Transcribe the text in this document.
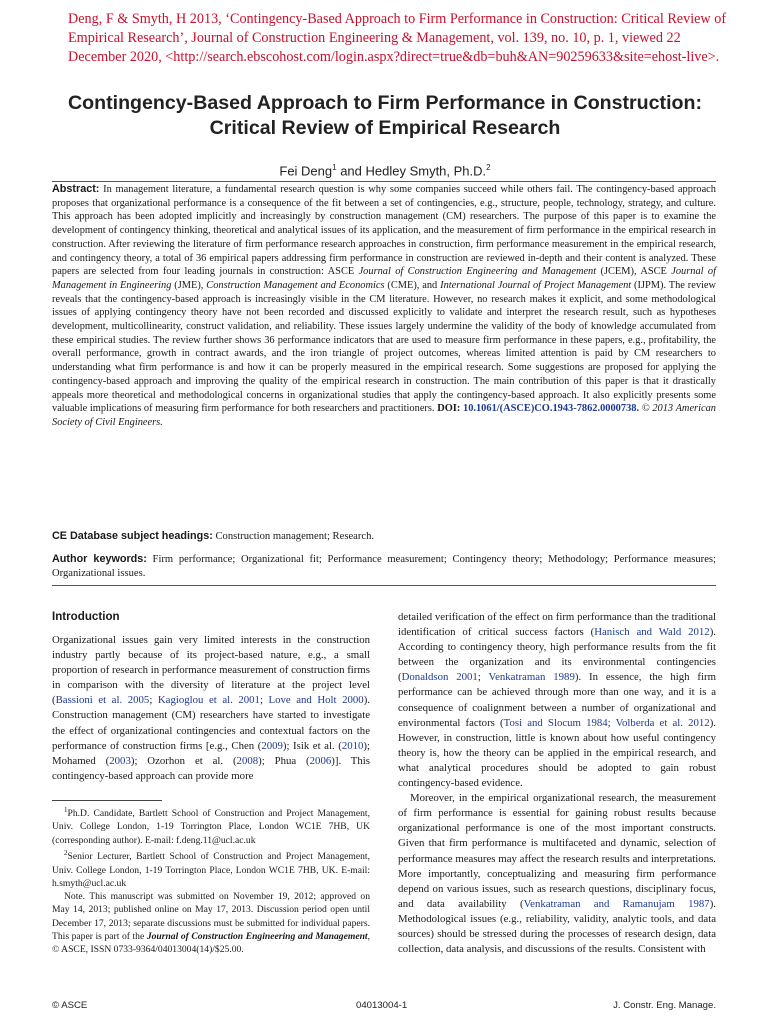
Deng, F & Smyth, H 2013, ‘Contingency-Based Approach to Firm Performance in Construction: Critical Review of Empirical Research’, Journal of Construction Engineering & Management, vol. 139, no. 10, p. 1, viewed 22 December 2020, <http://search.ebscohost.com/login.aspx?direct=true&db=buh&AN=90259633&site=ehost-live>.
Contingency-Based Approach to Firm Performance in Construction: Critical Review of Empirical Research
Fei Deng$^1$ and Hedley Smyth, Ph.D.$^2$
Abstract: In management literature, a fundamental research question is why some companies succeed while others fail. The contingency-based approach proposes that organizational performance is a consequence of the fit between a set of contingencies, e.g., structure, people, technology, strategy, and culture. This approach has been adopted implicitly and increasingly by construction management (CM) researchers. The purpose of this paper is to examine the development of contingency thinking, theoretical and analytical issues of its application, and the measurement of firm performance in the empirical research in construction. After reviewing the literature of firm performance research approaches in construction, firm performance measurement in the empirical research, and contingency theory, a total of 36 empirical papers addressing firm performance in construction are reviewed in-depth and their content is analyzed. These papers are selected from four leading journals in construction: ASCE Journal of Construction Engineering and Management (JCEM), ASCE Journal of Management in Engineering (JME), Construction Management and Economics (CME), and International Journal of Project Management (IJPM). The review reveals that the contingency-based approach is increasingly visible in the CM literature. However, no research makes it explicit, and some methodological issues of applying contingency theory have not been recorded and discussed explicitly to validate and interpret the research result, such as hypotheses development, multicollinearity, construct validation, and reliability. These issues largely undermine the validity of the body of knowledge accumulated from these empirical studies. The review further shows 36 performance indicators that are used to measure firm performance in these papers, e.g., profitability, the overall performance, growth in contract awards, and the iron triangle of project outcomes, whereas limited attention is paid by CM researchers to understanding what firm performance is and how it can be properly measured in the empirical research. Some suggestions are proposed for applying the contingency-based approach and improving the quality of the empirical research in construction. The main contribution of this paper is that it drastically appeals more theoretical and methodological concerns in organizational studies that apply the contingency-based approach. It also explicitly presents some valuable implications of measuring firm performance for both researchers and practitioners. DOI: 10.1061/(ASCE)CO.1943-7862.0000738. © 2013 American Society of Civil Engineers.
CE Database subject headings: Construction management; Research.
Author keywords: Firm performance; Organizational fit; Performance measurement; Contingency theory; Methodology; Performance measures; Organizational issues.
Introduction

Organizational issues gain very limited interests in the construction industry partly because of its project-based nature, e.g., a small proportion of research in performance measurement of construction firms in comparison with the diversity of literature at the project level (Bassioni et al. 2005; Kagioglou et al. 2001; Love and Holt 2000). Construction management (CM) researchers have started to investigate the effect of organizational contingencies and contextual factors on the performance of construction firms [e.g., Chen (2009); Isik et al. (2010); Mohamed (2003); Ozorhon et al. (2008); Phua (2006)]. This contingency-based approach can provide more

$^1$Ph.D. Candidate, Bartlett School of Construction and Project Management, Univ. College London, 1-19 Torrington Place, London WC1E 7HB, UK (corresponding author). E-mail: f.deng.11@ucl.ac.uk

$^2$Senior Lecturer, Bartlett School of Construction and Project Management, Univ. College London, 1-19 Torrington Place, London WC1E 7HB, UK. E-mail: h.smyth@ucl.ac.uk

Note. This manuscript was submitted on November 19, 2012; approved on May 14, 2013; published online on May 17, 2013. Discussion period open until December 17, 2013; separate discussions must be submitted for individual papers. This paper is part of the Journal of Construction Engineering and Management, © ASCE, ISSN 0733-9364/04013004(14)/$25.00.

detailed verification of the effect on firm performance than the traditional identification of critical success factors (Hanisch and Wald 2012). According to contingency theory, high performance results from the fit between the organization and its environmental contingencies (Donaldson 2001; Venkatraman 1989). In essence, the high firm performance can be achieved through more than one way, and it is a consequence of coalignment between a number of organizational and environmental factors (Tosi and Slocum 1984; Volberda et al. 2012). However, in construction, little is known about how useful contingency theory is, how the theory can be applied in the empirical research, and what analytical procedures should be adopted to gain robust contingency-based evidence.

Moreover, in the empirical organizational research, the measurement of firm performance is essential for gaining robust results because organizational performance is one of the most important constructs. Given that firm performance is multifaceted and dynamic, selection of performance measures may affect the research results and interpretations. More importantly, conceptualizing and measuring firm performance depend on various issues, such as research questions, disciplinary focus, and data availability (Venkatraman and Ramanujam 1987). Methodological issues (e.g., reliability, validity, analytic tools, and data sources) should be stressed during the processes of research design, data collection, data analysis, and discussions of the results. Consistent with

© ASCE	04013004-1	J. Constr. Eng. Manage.
